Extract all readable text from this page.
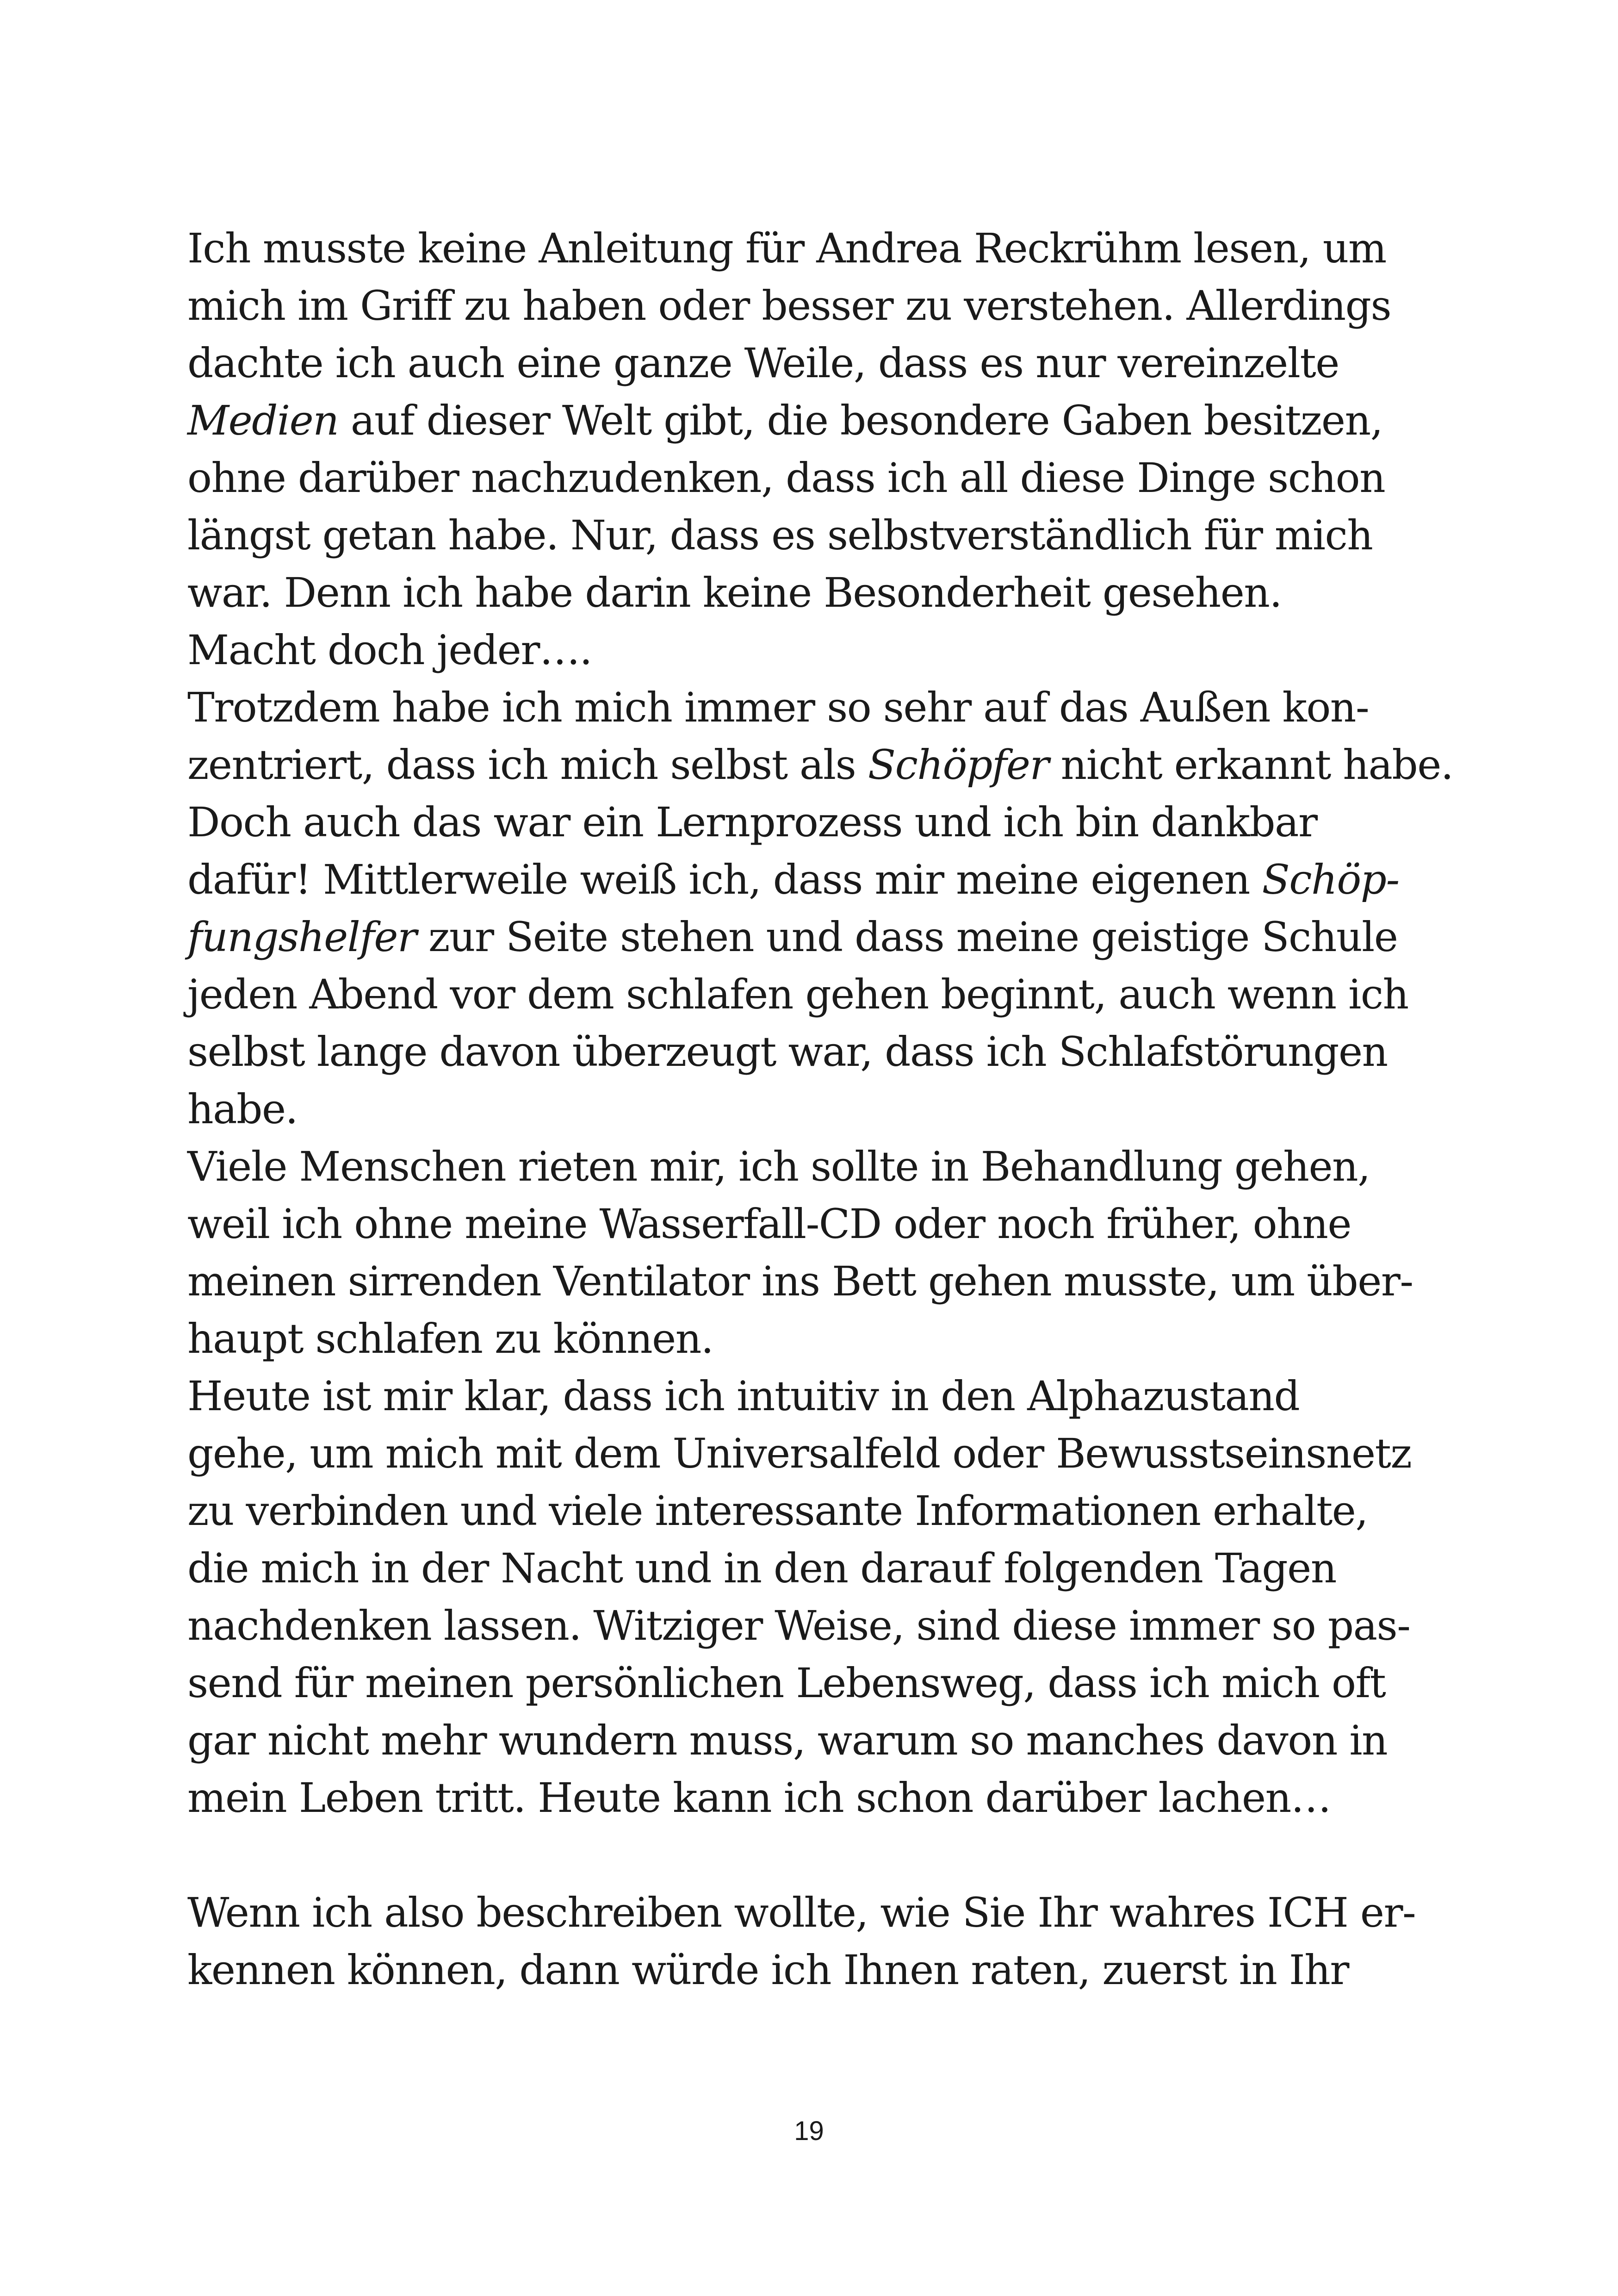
Ich musste keine Anleitung für Andrea Reckrühm lesen, um
mich im Griff zu haben oder besser zu verstehen. Allerdings
dachte ich auch eine ganze Weile, dass es nur vereinzelte
Medien auf dieser Welt gibt, die besondere Gaben besitzen,
ohne darüber nachzudenken, dass ich all diese Dinge schon
längst getan habe. Nur, dass es selbstverständlich für mich
war. Denn ich habe darin keine Besonderheit gesehen.
Macht doch jeder….
Trotzdem habe ich mich immer so sehr auf das Außen kon-
zentriert, dass ich mich selbst als Schöpfer nicht erkannt habe.
Doch auch das war ein Lernprozess und ich bin dankbar
dafür! Mittlerweile weiß ich, dass mir meine eigenen Schöp-
fungshelfer zur Seite stehen und dass meine geistige Schule
jeden Abend vor dem schlafen gehen beginnt, auch wenn ich
selbst lange davon überzeugt war, dass ich Schlafstörungen
habe.
Viele Menschen rieten mir, ich sollte in Behandlung gehen,
weil ich ohne meine Wasserfall-CD oder noch früher, ohne
meinen sirrenden Ventilator ins Bett gehen musste, um über-
haupt schlafen zu können.
Heute ist mir klar, dass ich intuitiv in den Alphazustand
gehe, um mich mit dem Universalfeld oder Bewusstseinsnetz
zu verbinden und viele interessante Informationen erhalte,
die mich in der Nacht und in den darauf folgenden Tagen
nachdenken lassen. Witziger Weise, sind diese immer so pas-
send für meinen persönlichen Lebensweg, dass ich mich oft
gar nicht mehr wundern muss, warum so manches davon in
mein Leben tritt. Heute kann ich schon darüber lachen…
Wenn ich also beschreiben wollte, wie Sie Ihr wahres ICH er-
kennen können, dann würde ich Ihnen raten, zuerst in Ihr
19
